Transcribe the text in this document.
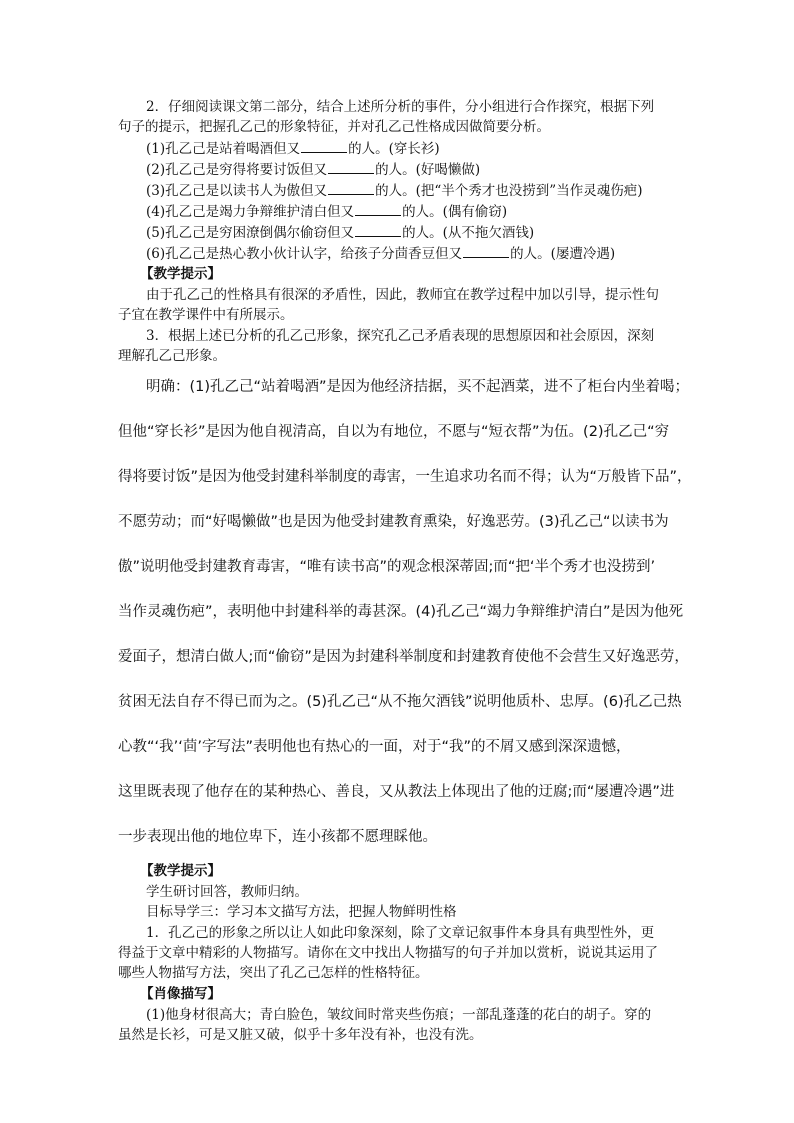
2．仔细阅读课文第二部分，结合上述所分析的事件，分小组进行合作探究，根据下列

句子的提示，把握孔乙己的形象特征，并对孔乙己性格成因做简要分析。

(1)孔乙己是站着喝酒但又	的人。(穿长衫)

(2)孔乙己是穷得将要讨饭但又	的人。(好喝懒做)

(3)孔乙己是以读书人为傲但又	的人。(把“半个秀才也没捞到”当作灵魂伤疤)

(4)孔乙己是竭力争辩维护清白但又	的人。(偶有偷窃)

(5)孔乙己是穷困潦倒偶尔偷窃但又	的人。(从不拖欠酒钱)

(6)孔乙己是热心教小伙计认字，给孩子分茴香豆但又	的人。(屡遭冷遇)

【教学提示】

由于孔乙己的性格具有很深的矛盾性，因此，教师宜在教学过程中加以引导，提示性句

子宜在教学课件中有所展示。

3．根据上述已分析的孔乙己形象，探究孔乙己矛盾表现的思想原因和社会原因，深刻

理解孔乙己形象。

明确：(1)孔乙己“站着喝酒”是因为他经济拮据，买不起酒菜，进不了柜台内坐着喝；

但他“穿长衫”是因为他自视清高，自以为有地位，不愿与“短衣帮”为伍。(2)孔乙己“穷

得将要讨饭”是因为他受封建科举制度的毒害，一生追求功名而不得；认为“万般皆下品”，

不愿劳动；而“好喝懒做”也是因为他受封建教育熏染，好逸恶劳。(3)孔乙己“以读书为

傲”说明他受封建教育毒害，“唯有读书高”的观念根深蒂固;而“把‘半个秀才也没捞到’

当作灵魂伤疤”，表明他中封建科举的毒甚深。(4)孔乙己“竭力争辩维护清白”是因为他死

爱面子，想清白做人;而“偷窃”是因为封建科举制度和封建教育使他不会营生又好逸恶劳，

贫困无法自存不得已而为之。(5)孔乙己“从不拖欠酒钱”说明他质朴、忠厚。(6)孔乙己热

心教“‘我’‘茴’字写法”表明他也有热心的一面，对于“我”的不屑又感到深深遗憾，

这里既表现了他存在的某种热心、善良，又从教法上体现出了他的迂腐;而“屡遭冷遇”进

一步表现出他的地位卑下，连小孩都不愿理睬他。

【教学提示】

学生研讨回答，教师归纳。

目标导学三：学习本文描写方法，把握人物鲜明性格

1．孔乙己的形象之所以让人如此印象深刻，除了文章记叙事件本身具有典型性外，更

得益于文章中精彩的人物描写。请你在文中找出人物描写的句子并加以赏析，说说其运用了

哪些人物描写方法，突出了孔乙己怎样的性格特征。

【肖像描写】

(1)他身材很高大；青白脸色，皱纹间时常夹些伤痕；一部乱蓬蓬的花白的胡子。穿的

虽然是长衫，可是又脏又破，似乎十多年没有补，也没有洗。
